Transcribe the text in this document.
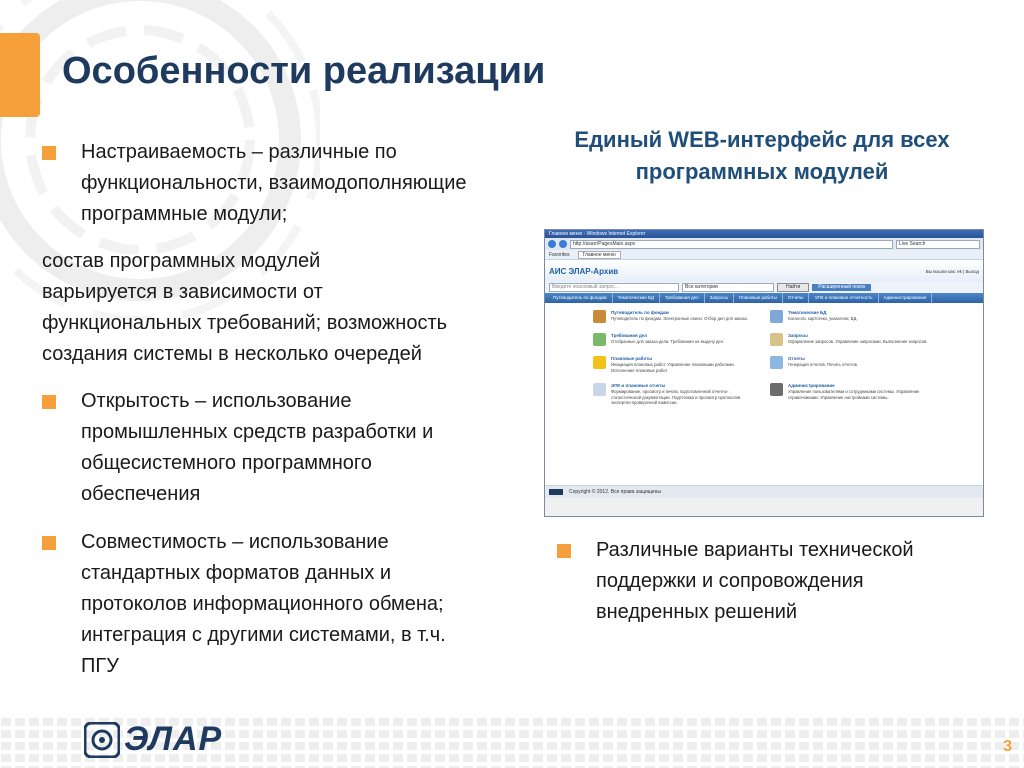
Особенности реализации
Настраиваемость – различные по
функциональности, взаимодополняющие
программные модули;
состав программных модулей
варьируется в зависимости от
функциональных требований; возможность
создания системы в несколько очередей
Открытость – использование
промышленных средств разработки и
общесистемного программного
обеспечения
Совместимость – использование
стандартных форматов данных и
протоколов информационного обмена;
интеграция с другими системами, в т.ч.
ПГУ
Единый WEB-интерфейс для всех
программных модулей
Главное меню - Windows Internet Explorer
http://asarr/PagesMain.aspx	Live Search
Favorites	Главное меню
АИС ЭЛАР-Архив	Вы вошли как: ek | Выход
Введите поисковый запрос...	Все категории	Найти	Расширенный поиск
Путеводитель по фондам	Тематические БД	Требования дел	Запросы	Плановые работы	Отчеты	ЭПК и плановое отчетность	Администрирование
Путеводитель по фондам
Путеводитель по фондам. Электронные описи. Отбор дел для заказа.
Тематические БД
Каталоги, картотеки, указатели, БД.
Требования дел
Отобранные для заказа дела. Требования на выдачу дел.
Запросы
Оформление запросов. Управление запросами. Выполнение запросов.
Плановые работы
Инициация плановых работ. Управление плановыми работами. Исполнение плановых работ.
Отчеты
Генерация отчетов. Печать отчетов.
ЭПК и плановые отчеты
Формирование, просмотр и печать подготовленной отчетно-статистической документации. Подготовка и просмотр протоколов экспертно-проверочной комиссии.
Администрирование
Управление пользователями и сотрудниками системы. Управление справочниками. Управление настройками системы.
Copyright © 2012. Все права защищены
Различные варианты технической
поддержки и сопровождения
внедренных решений
ЭЛАР	3
